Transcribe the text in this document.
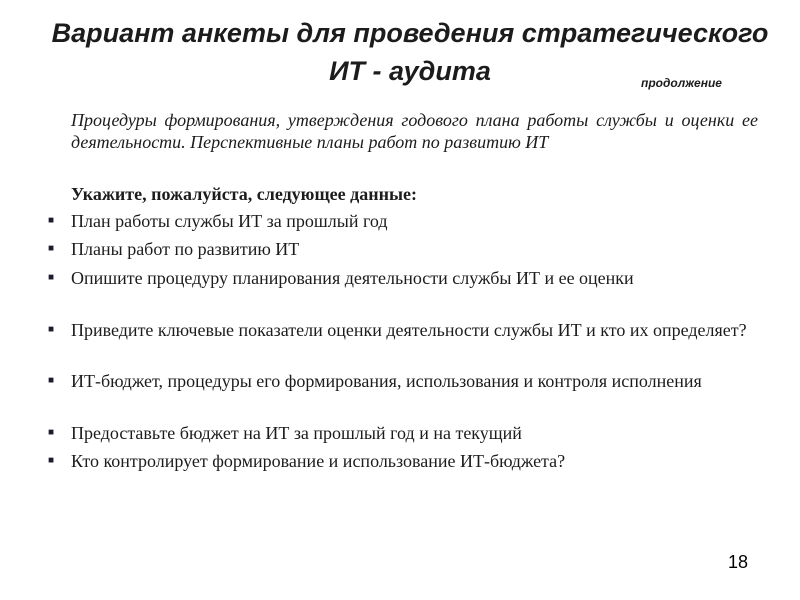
Вариант анкеты для проведения стратегического ИТ - аудита	продолжение
Процедуры формирования, утверждения годового плана работы службы и оценки ее деятельности. Перспективные планы работ по развитию ИТ
Укажите, пожалуйста, следующее данные:
■ План работы службы ИТ за прошлый год
■ Планы работ по развитию ИТ
■ Опишите процедуру планирования деятельности службы ИТ и ее оценки
■ Приведите ключевые показатели оценки деятельности службы ИТ и кто их определяет?
■ ИТ-бюджет, процедуры его формирования, использования и контроля исполнения
■ Предоставьте бюджет на ИТ за прошлый год и на текущий
■ Кто контролирует формирование и использование ИТ-бюджета?
18
